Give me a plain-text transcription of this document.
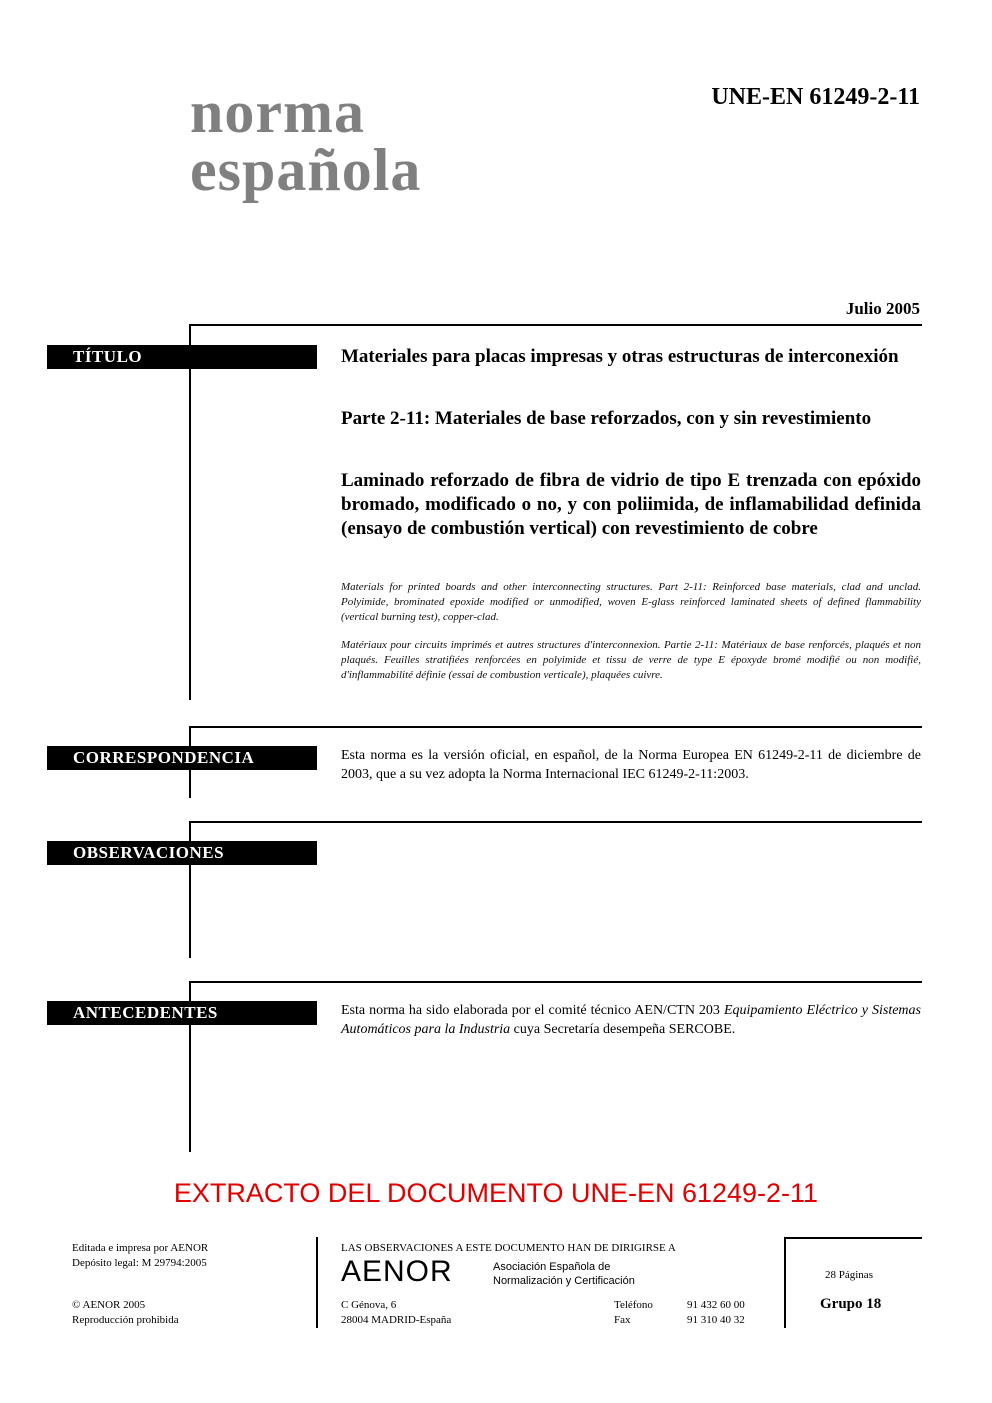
norma
española
UNE-EN 61249-2-11
Julio 2005
TÍTULO	Materiales para placas impresas y otras estructuras de interconexión
Parte 2-11: Materiales de base reforzados, con y sin revestimiento
Laminado reforzado de fibra de vidrio de tipo E trenzada con epóxido bromado, modificado o no, y con poliimida, de inflamabilidad definida (ensayo de combustión vertical) con revestimiento de cobre
Materials for printed boards and other interconnecting structures. Part 2-11: Reinforced base materials, clad and unclad. Polyimide, brominated epoxide modified or unmodified, woven E-glass reinforced laminated sheets of defined flammability (vertical burning test), copper-clad.
Matériaux pour circuits imprimés et autres structures d'interconnexion. Partie 2-11: Matériaux de base renforcés, plaqués et non plaqués. Feuilles stratifiées renforcées en polyimide et tissu de verre de type E époxyde bromé modifié ou non modifié, d'inflammabilité définie (essai de combustion verticale), plaquées cuivre.
CORRESPONDENCIA	Esta norma es la versión oficial, en español, de la Norma Europea EN 61249-2-11 de diciembre de 2003, que a su vez adopta la Norma Internacional IEC 61249-2-11:2003.
OBSERVACIONES
ANTECEDENTES	Esta norma ha sido elaborada por el comité técnico AEN/CTN 203 Equipamiento Eléctrico y Sistemas Automáticos para la Industria cuya Secretaría desempeña SERCOBE.
EXTRACTO DEL DOCUMENTO UNE-EN 61249-2-11
Editada e impresa por AENOR
Depósito legal: M 29794:2005
© AENOR 2005
Reproducción prohibida
LAS OBSERVACIONES A ESTE DOCUMENTO HAN DE DIRIGIRSE A
AENOR	Asociación Española de
Normalización y Certificación
C Génova, 6
28004 MADRID-España
Teléfono	91 432 60 00
Fax	91 310 40 32
28 Páginas
Grupo 18
